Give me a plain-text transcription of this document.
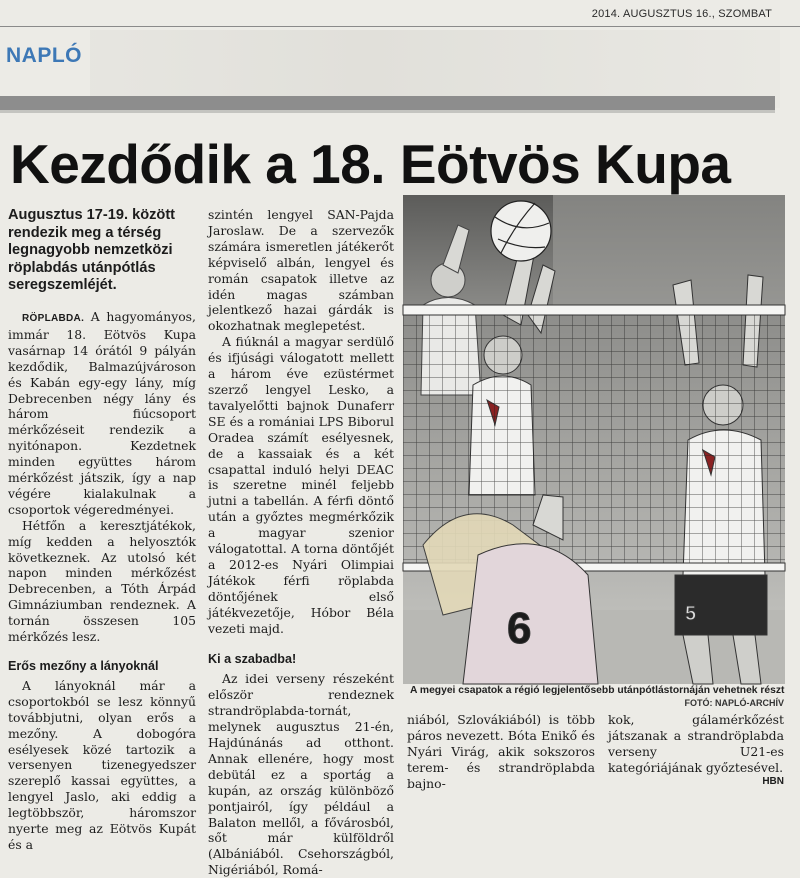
2014. AUGUSZTUS 16., SZOMBAT
NAPLÓ
Kezdődik a 18. Eötvös Kupa
Augusztus 17-19. között rendezik meg a térség legnagyobb nemzetközi röplabdás utánpótlás seregszemléjét.

RÖPLABDA. A hagyományos, immár 18. Eötvös Kupa vasárnap 14 órától 9 pályán kezdődik, Balmazújvároson és Kabán egy-egy lány, míg Debrecenben négy lány és három fiúcsoport mérkőzéseit rendezik a nyitónapon. Kezdetnek minden együttes három mérkőzést játszik, így a nap végére kialakulnak a csoportok végeredményei.

Hétfőn a keresztjátékok, míg kedden a helyosztók következnek. Az utolsó két napon minden mérkőzést Debrecenben, a Tóth Árpád Gimnáziumban rendeznek. A tornán összesen 105 mérkőzés lesz.

Erős mezőny a lányoknál

A lányoknál már a csoportokból se lesz könnyű továbbjutni, olyan erős a mezőny. A dobogóra esélyesek közé tartozik a versenyen tizenegyedszer szereplő kassai együttes, a lengyel Jaslo, aki eddig a legtöbbször, háromszor nyerte meg az Eötvös Kupát és a

szintén lengyel SAN-Pajda Jaroslaw. De a szervezők számára ismeretlen játékerőt képviselő albán, lengyel és román csapatok illetve az idén magas számban jelentkező hazai gárdák is okozhatnak meglepetést.

A fiúknál a magyar serdülő és ifjúsági válogatott mellett a három éve ezüstérmet szerző lengyel Lesko, a tavalyelőtti bajnok Dunaferr SE és a romániai LPS Biborul Oradea számít esélyesnek, de a kassaiak és a két csapattal induló helyi DEAC is szeretne minél feljebb jutni a tabellán. A férfi döntő után a győztes megmérkőzik a magyar szenior válogatottal. A torna döntőjét a 2012-es Nyári Olimpiai Játékok férfi röplabda döntőjének első játékvezetője, Hóbor Béla vezeti majd.

Ki a szabadba!

Az idei verseny részeként először rendeznek strandröplabda-tornát, melynek augusztus 21-én, Hajdúnánás ad otthont. Annak ellenére, hogy most debütál ez a sportág a kupán, az ország különböző pontjairól, így például a Balaton mellől, a fővárosból, sőt már külföldről (Albániából. Csehországból, Nigériából, Romá-

5
6
A megyei csapatok a régió legjelentősebb utánpótlástornáján vehetnek részt
FOTÓ: NAPLÓ-ARCHÍV

niából, Szlovákiából) is több páros nevezett. Bóta Enikő és Nyári Virág, akik sokszoros terem- és strandröplabda bajno-

kok, gálamérkőzést játszanak a strandröplabda verseny U21-es kategóriájának győztesével.

HBN
